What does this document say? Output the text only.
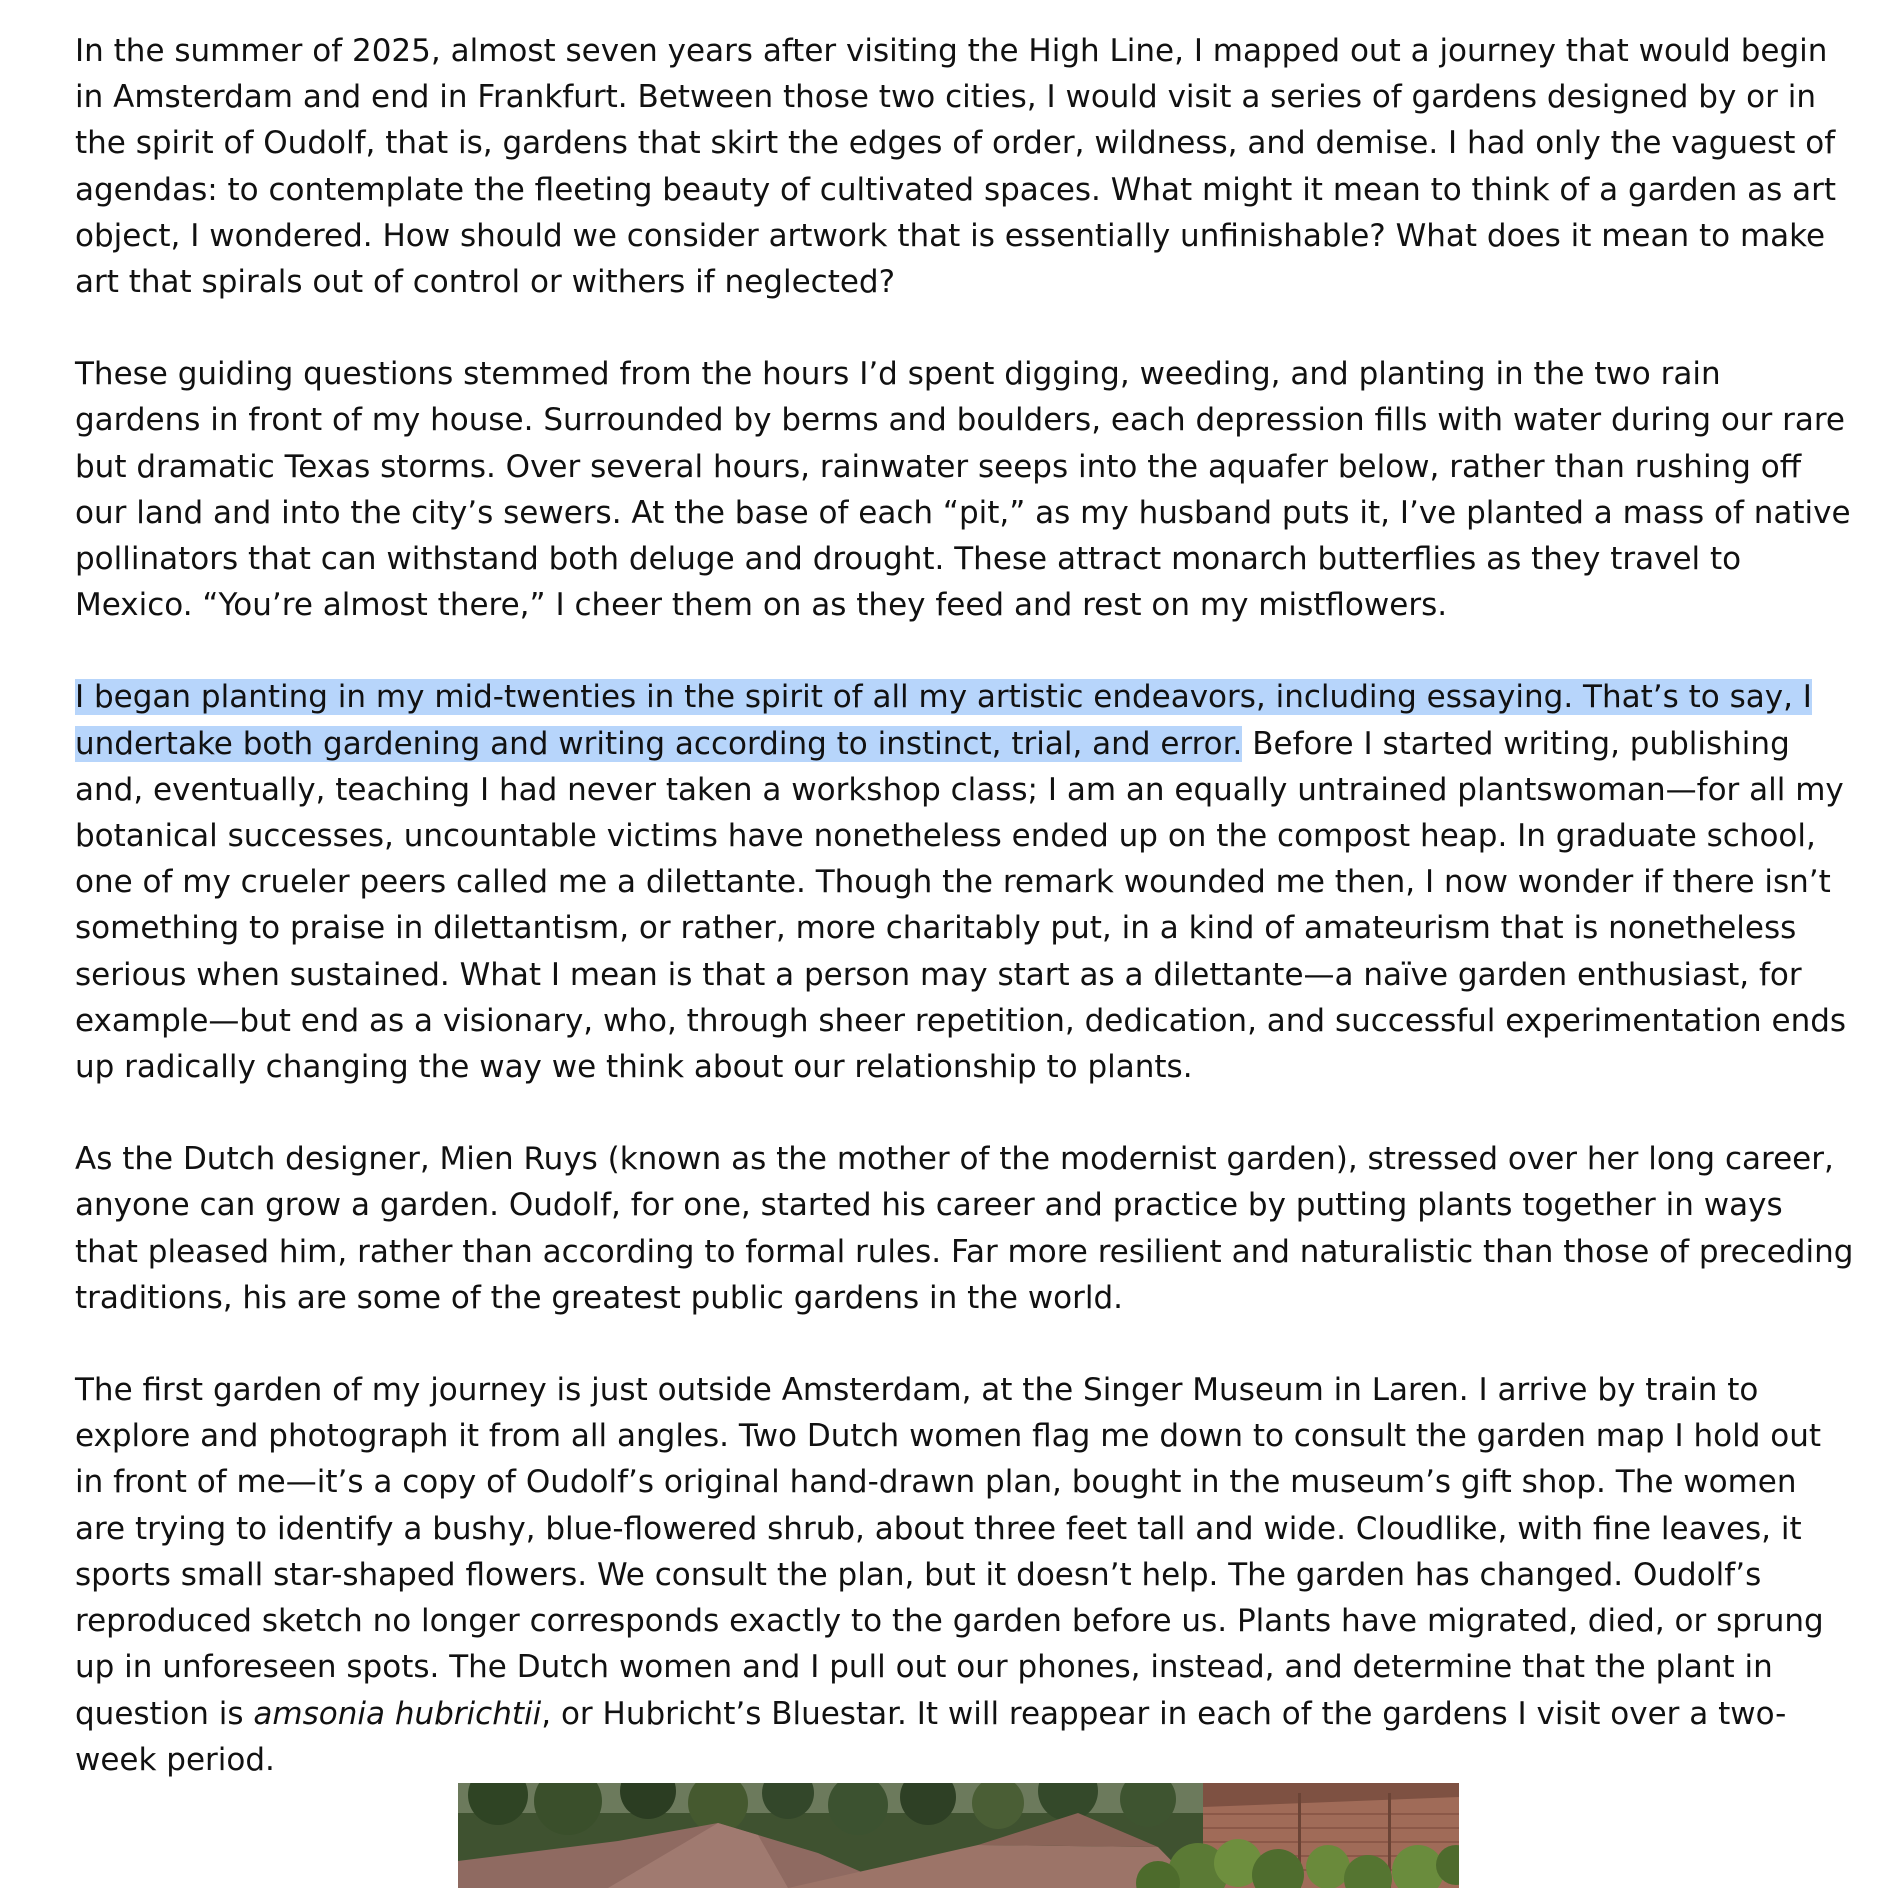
In the summer of 2025, almost seven years after visiting the High Line, I mapped out a journey that would begin in Amsterdam and end in Frankfurt. Between those two cities, I would visit a series of gardens designed by or in the spirit of Oudolf, that is, gardens that skirt the edges of order, wildness, and demise. I had only the vaguest of agendas: to contemplate the fleeting beauty of cultivated spaces. What might it mean to think of a garden as art object, I wondered. How should we consider artwork that is essentially unfinishable? What does it mean to make art that spirals out of control or withers if neglected?

These guiding questions stemmed from the hours I’d spent digging, weeding, and planting in the two rain gardens in front of my house. Surrounded by berms and boulders, each depression fills with water during our rare but dramatic Texas storms. Over several hours, rainwater seeps into the aquafer below, rather than rushing off our land and into the city’s sewers. At the base of each “pit,” as my husband puts it, I’ve planted a mass of native pollinators that can withstand both deluge and drought. These attract monarch butterflies as they travel to Mexico. “You’re almost there,” I cheer them on as they feed and rest on my mistflowers.

I began planting in my mid-twenties in the spirit of all my artistic endeavors, including essaying. That’s to say, I undertake both gardening and writing according to instinct, trial, and error. Before I started writing, publishing and, eventually, teaching I had never taken a workshop class; I am an equally untrained plantswoman—for all my botanical successes, uncountable victims have nonetheless ended up on the compost heap. In graduate school, one of my crueler peers called me a dilettante. Though the remark wounded me then, I now wonder if there isn’t something to praise in dilettantism, or rather, more charitably put, in a kind of amateurism that is nonetheless serious when sustained. What I mean is that a person may start as a dilettante—a naïve garden enthusiast, for example—but end as a visionary, who, through sheer repetition, dedication, and successful experimentation ends up radically changing the way we think about our relationship to plants.

As the Dutch designer, Mien Ruys (known as the mother of the modernist garden), stressed over her long career, anyone can grow a garden. Oudolf, for one, started his career and practice by putting plants together in ways that pleased him, rather than according to formal rules. Far more resilient and naturalistic than those of preceding traditions, his are some of the greatest public gardens in the world.

The first garden of my journey is just outside Amsterdam, at the Singer Museum in Laren. I arrive by train to explore and photograph it from all angles. Two Dutch women flag me down to consult the garden map I hold out in front of me—it’s a copy of Oudolf’s original hand-drawn plan, bought in the museum’s gift shop. The women are trying to identify a bushy, blue-flowered shrub, about three feet tall and wide. Cloudlike, with fine leaves, it sports small star-shaped flowers. We consult the plan, but it doesn’t help. The garden has changed. Oudolf’s reproduced sketch no longer corresponds exactly to the garden before us. Plants have migrated, died, or sprung up in unforeseen spots. The Dutch women and I pull out our phones, instead, and determine that the plant in question is amsonia hubrichtii, or Hubricht’s Bluestar. It will reappear in each of the gardens I visit over a two-week period.
